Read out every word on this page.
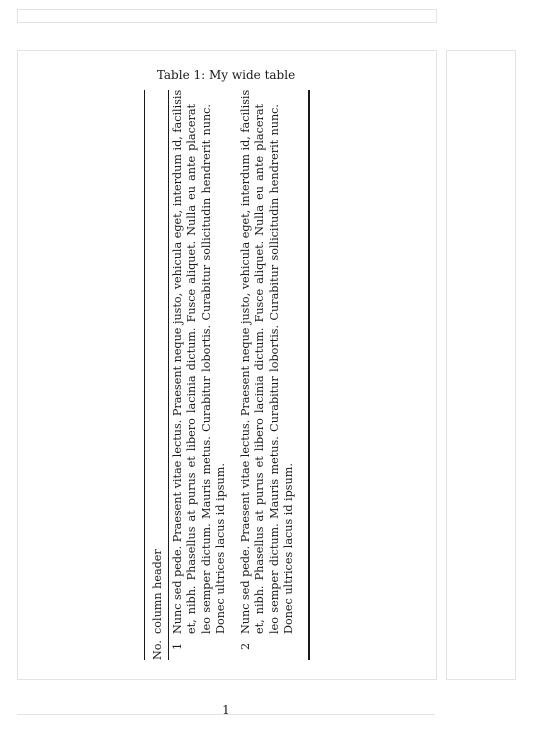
Table 1: My wide table
No.
column header
1
Nunc sed pede. Praesent vitae lectus. Praesent neque justo, vehicula eget, interdum id, facilisis et, nibh. Phasellus at purus et libero lacinia dictum. Fusce aliquet. Nulla eu ante placerat leo semper dictum. Mauris metus. Curabitur lobortis. Curabitur sollicitudin hendrerit nunc. Donec ultrices lacus id ipsum.
2
Nunc sed pede. Praesent vitae lectus. Praesent neque justo, vehicula eget, interdum id, facilisis et, nibh. Phasellus at purus et libero lacinia dictum. Fusce aliquet. Nulla eu ante placerat leo semper dictum. Mauris metus. Curabitur lobortis. Curabitur sollicitudin hendrerit nunc. Donec ultrices lacus id ipsum.
1
